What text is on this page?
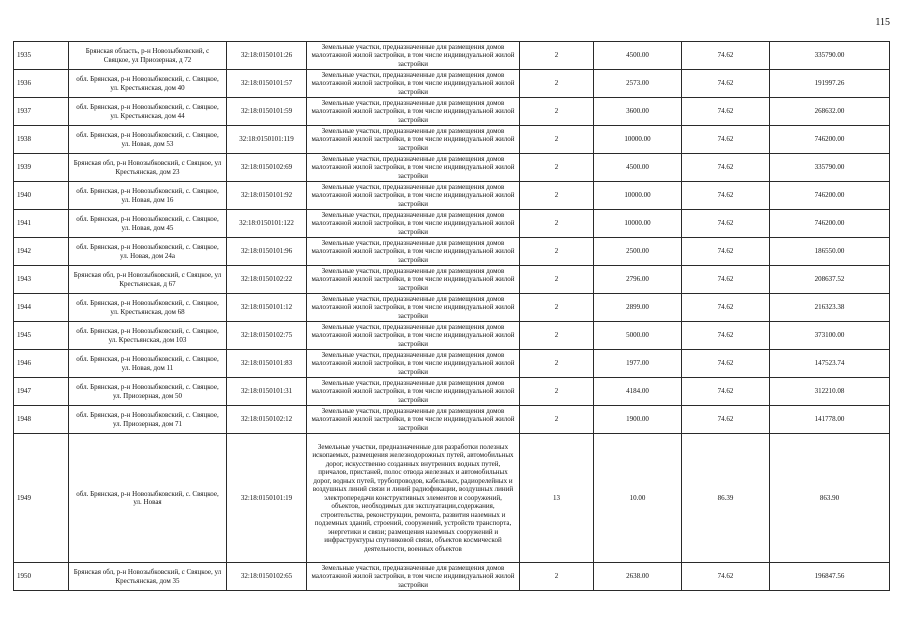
115
1935	Брянская область, р-н Новозыбковский, с Свяцкое, ул Приозерная, д 72	32:18:0150101:26	Земельные участки, предназначенные для размещения домов малоэтажной жилой застройки, в том числе индивидуальной жилой застройки	2	4500.00	74.62	335790.00
1936	обл. Брянская, р-н Новозыбковский, с. Свяцкое, ул. Крестьянская, дом 40	32:18:0150101:57	Земельные участки, предназначенные для размещения домов малоэтажной жилой застройки, в том числе индивидуальной жилой застройки	2	2573.00	74.62	191997.26
1937	обл. Брянская, р-н Новозыбковский, с. Свяцкое, ул. Крестьянская, дом 44	32:18:0150101:59	Земельные участки, предназначенные для размещения домов малоэтажной жилой застройки, в том числе индивидуальной жилой застройки	2	3600.00	74.62	268632.00
1938	обл. Брянская, р-н Новозыбковский, с. Свяцкое, ул. Новая, дом 53	32:18:0150101:119	Земельные участки, предназначенные для размещения домов малоэтажной жилой застройки, в том числе индивидуальной жилой застройки	2	10000.00	74.62	746200.00
1939	Брянская обл, р-н Новозыбковский, с Свяцкое, ул Крестьянская, дом 23	32:18:0150102:69	Земельные участки, предназначенные для размещения домов малоэтажной жилой застройки, в том числе индивидуальной жилой застройки	2	4500.00	74.62	335790.00
1940	обл. Брянская, р-н Новозыбковский, с. Свяцкое, ул. Новая, дом 16	32:18:0150101:92	Земельные участки, предназначенные для размещения домов малоэтажной жилой застройки, в том числе индивидуальной жилой застройки	2	10000.00	74.62	746200.00
1941	обл. Брянская, р-н Новозыбковский, с. Свяцкое, ул. Новая, дом 45	32:18:0150101:122	Земельные участки, предназначенные для размещения домов малоэтажной жилой застройки, в том числе индивидуальной жилой застройки	2	10000.00	74.62	746200.00
1942	обл. Брянская, р-н Новозыбковский, с. Свяцкое, ул. Новая, дом 24а	32:18:0150101:96	Земельные участки, предназначенные для размещения домов малоэтажной жилой застройки, в том числе индивидуальной жилой застройки	2	2500.00	74.62	186550.00
1943	Брянская обл, р-н Новозыбковский, с Свяцкое, ул Крестьянская, д 67	32:18:0150102:22	Земельные участки, предназначенные для размещения домов малоэтажной жилой застройки, в том числе индивидуальной жилой застройки	2	2796.00	74.62	208637.52
1944	обл. Брянская, р-н Новозыбковский, с. Свяцкое, ул. Крестьянская, дом 68	32:18:0150101:12	Земельные участки, предназначенные для размещения домов малоэтажной жилой застройки, в том числе индивидуальной жилой застройки	2	2899.00	74.62	216323.38
1945	обл. Брянская, р-н Новозыбковский, с. Свяцкое, ул. Крестьянская, дом 103	32:18:0150102:75	Земельные участки, предназначенные для размещения домов малоэтажной жилой застройки, в том числе индивидуальной жилой застройки	2	5000.00	74.62	373100.00
1946	обл. Брянская, р-н Новозыбковский, с. Свяцкое, ул. Новая, дом 11	32:18:0150101:83	Земельные участки, предназначенные для размещения домов малоэтажной жилой застройки, в том числе индивидуальной жилой застройки	2	1977.00	74.62	147523.74
1947	обл. Брянская, р-н Новозыбковский, с. Свяцкое, ул. Приозерная, дом 50	32:18:0150101:31	Земельные участки, предназначенные для размещения домов малоэтажной жилой застройки, в том числе индивидуальной жилой застройки	2	4184.00	74.62	312210.08
1948	обл. Брянская, р-н Новозыбковский, с. Свяцкое, ул. Приозерная, дом 71	32:18:0150102:12	Земельные участки, предназначенные для размещения домов малоэтажной жилой застройки, в том числе индивидуальной жилой застройки	2	1900.00	74.62	141778.00
1949	обл. Брянская, р-н Новозыбковский, с. Свяцкое, ул. Новая	32:18:0150101:19	Земельные участки, предназначенные для разработки полезных ископаемых, размещения железнодорожных путей, автомобильных дорог, искусственно созданных внутренних водных путей, причалов, пристаней, полос отвода железных и автомобильных дорог, водных путей, трубопроводов, кабельных, радиорелейных и воздушных линий связи и линий радиофикации, воздушных линий электропередачи конструктивных элементов и сооружений, объектов, необходимых для эксплуатации,содержания, строительства, реконструкции, ремонта, развития наземных и подземных зданий, строений, сооружений, устройств транспорта, энергетики и связи; размещения наземных сооружений и инфраструктуры спутниковой связи, объектов космической деятельности, военных объектов	13	10.00	86.39	863.90
1950	Брянская обл, р-н Новозыбковский, с Свяцкое, ул Крестьянская, дом 35	32:18:0150102:65	Земельные участки, предназначенные для размещения домов малоэтажной жилой застройки, в том числе индивидуальной жилой застройки	2	2638.00	74.62	196847.56
